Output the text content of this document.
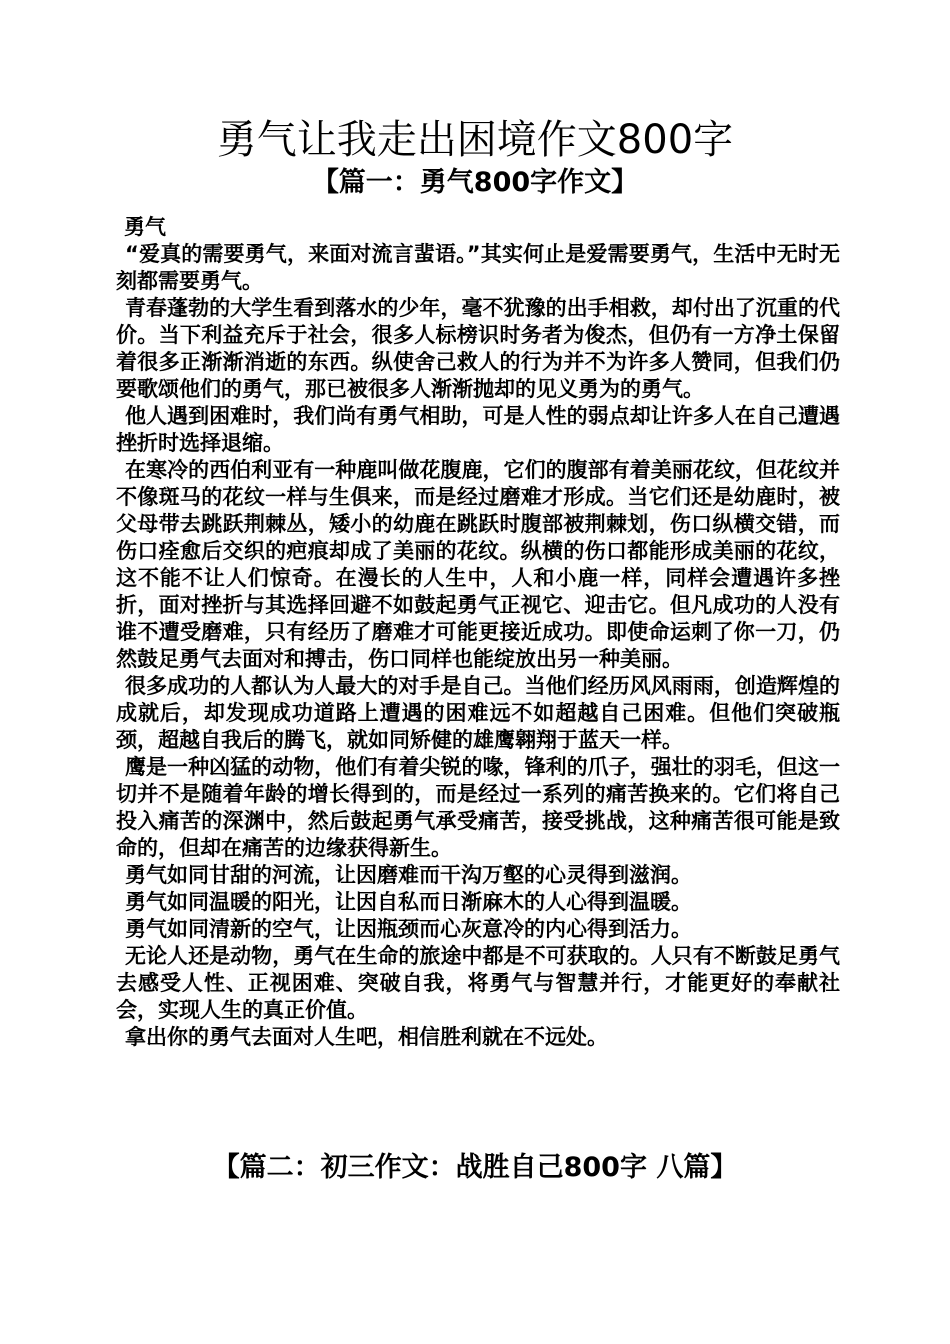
勇气让我走出困境作文800字
【篇一：勇气800字作文】

勇气

“爱真的需要勇气，来面对流言蜚语。”其实何止是爱需要勇气，生活中无时无刻都需要勇气。

青春蓬勃的大学生看到落水的少年，毫不犹豫的出手相救，却付出了沉重的代价。当下利益充斥于社会，很多人标榜识时务者为俊杰，但仍有一方净土保留着很多正渐渐消逝的东西。纵使舍己救人的行为并不为许多人赞同，但我们仍要歌颂他们的勇气，那已被很多人渐渐抛却的见义勇为的勇气。

他人遇到困难时，我们尚有勇气相助，可是人性的弱点却让许多人在自己遭遇挫折时选择退缩。

在寒冷的西伯利亚有一种鹿叫做花腹鹿，它们的腹部有着美丽花纹，但花纹并不像斑马的花纹一样与生俱来，而是经过磨难才形成。当它们还是幼鹿时，被父母带去跳跃荆棘丛，矮小的幼鹿在跳跃时腹部被荆棘划，伤口纵横交错，而伤口痊愈后交织的疤痕却成了美丽的花纹。纵横的伤口都能形成美丽的花纹，这不能不让人们惊奇。在漫长的人生中，人和小鹿一样，同样会遭遇许多挫折，面对挫折与其选择回避不如鼓起勇气正视它、迎击它。但凡成功的人没有谁不遭受磨难，只有经历了磨难才可能更接近成功。即使命运刺了你一刀，仍然鼓足勇气去面对和搏击，伤口同样也能绽放出另一种美丽。

很多成功的人都认为人最大的对手是自己。当他们经历风风雨雨，创造辉煌的成就后，却发现成功道路上遭遇的困难远不如超越自己困难。但他们突破瓶颈，超越自我后的腾飞，就如同矫健的雄鹰翱翔于蓝天一样。

鹰是一种凶猛的动物，他们有着尖锐的喙，锋利的爪子，强壮的羽毛，但这一切并不是随着年龄的增长得到的，而是经过一系列的痛苦换来的。它们将自己投入痛苦的深渊中，然后鼓起勇气承受痛苦，接受挑战，这种痛苦很可能是致命的，但却在痛苦的边缘获得新生。

勇气如同甘甜的河流，让因磨难而干沟万壑的心灵得到滋润。

勇气如同温暖的阳光，让因自私而日渐麻木的人心得到温暖。

勇气如同清新的空气，让因瓶颈而心灰意冷的内心得到活力。

无论人还是动物，勇气在生命的旅途中都是不可获取的。人只有不断鼓足勇气去感受人性、正视困难、突破自我，将勇气与智慧并行，才能更好的奉献社会，实现人生的真正价值。

拿出你的勇气去面对人生吧，相信胜利就在不远处。

【篇二：初三作文：战胜自己800字 八篇】
